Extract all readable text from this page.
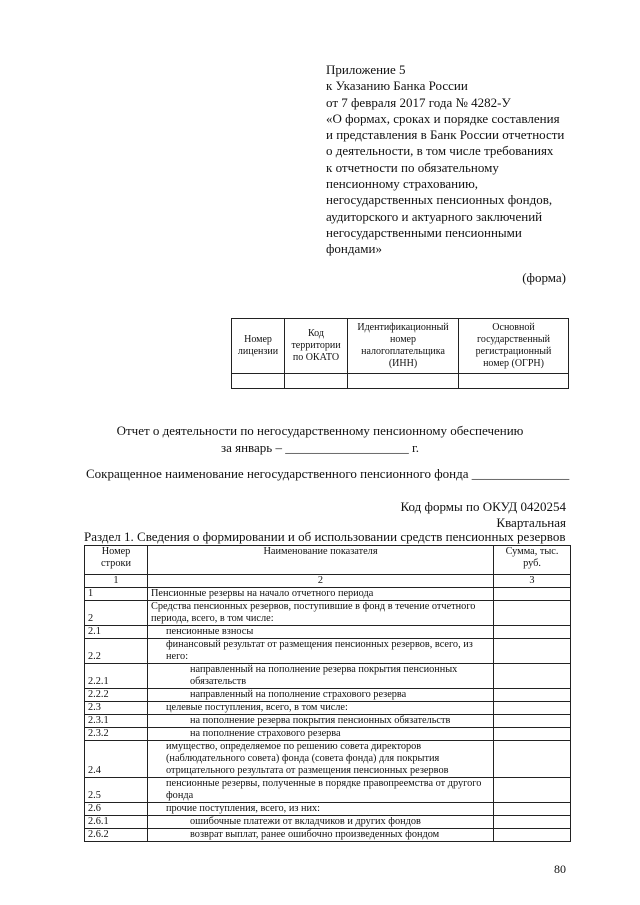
Приложение 5
к Указанию Банка России
от 7 февраля 2017 года № 4282-У
«О формах, сроках и порядке составления
и представления в Банк России отчетности
о деятельности, в том числе требованиях
к отчетности по обязательному
пенсионному страхованию,
негосударственных пенсионных фондов,
аудиторского и актуарного заключений
негосударственными пенсионными
фондами»
(форма)
Номер лицензии	Код территории по ОКАТО	Идентификационный номер налогоплательщика (ИНН)	Основной государственный регистрационный номер (ОГРН)

Отчет о деятельности по негосударственному пенсионному обеспечению
за январь – ___________________ г.
Сокращенное наименование негосударственного пенсионного фонда _______________
Код формы по ОКУД 0420254
Квартальная
Раздел 1. Сведения о формировании и об использовании средств пенсионных резервов
Номер строки	Наименование показателя	Сумма, тыс. руб.
1	2	3
1	Пенсионные резервы на начало отчетного периода	
2	Средства пенсионных резервов, поступившие в фонд в течение отчетного периода, всего, в том числе:	
2.1	пенсионные взносы	
2.2	финансовый результат от размещения пенсионных резервов, всего, из него:	
2.2.1	направленный на пополнение резерва покрытия пенсионных обязательств	
2.2.2	направленный на пополнение страхового резерва	
2.3	целевые поступления, всего, в том числе:	
2.3.1	на пополнение резерва покрытия пенсионных обязательств	
2.3.2	на пополнение страхового резерва	
2.4	имущество, определяемое по решению совета директоров (наблюдательного совета) фонда (совета фонда) для покрытия отрицательного результата от размещения пенсионных резервов	
2.5	пенсионные резервы, полученные в порядке правопреемства от другого фонда	
2.6	прочие поступления, всего, из них:	
2.6.1	ошибочные платежи от вкладчиков и других фондов	
2.6.2	возврат выплат, ранее ошибочно произведенных фондом	
80
